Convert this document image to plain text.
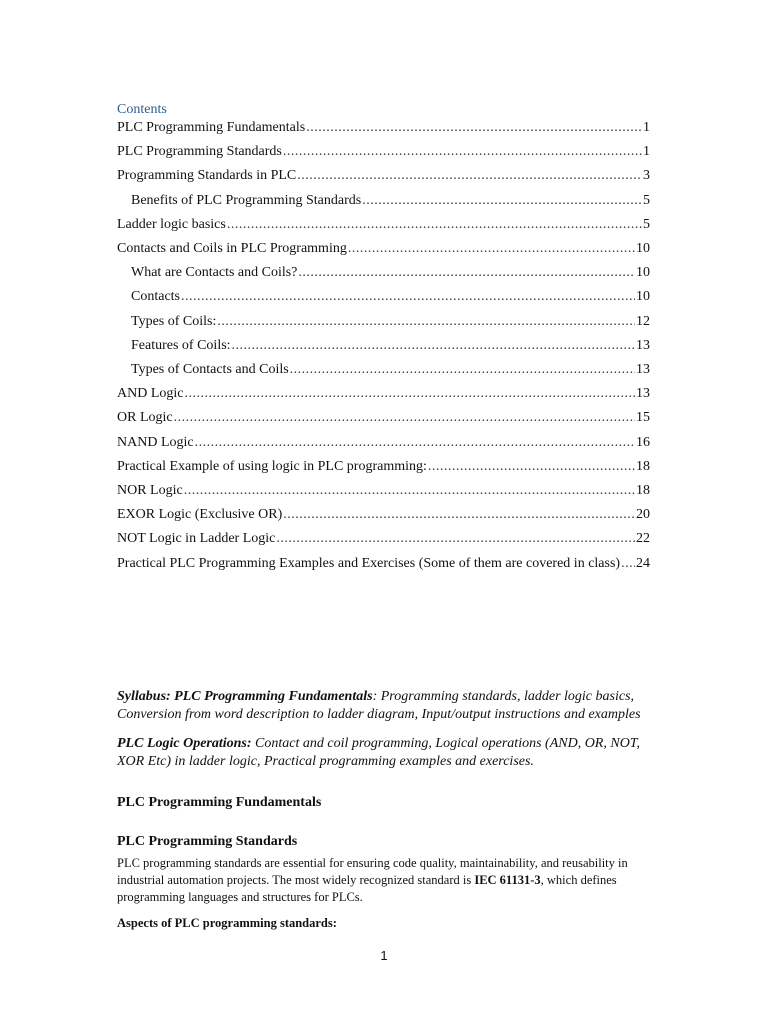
Contents
PLC Programming Fundamentals .....	1
PLC Programming Standards .....	1
Programming Standards in PLC .....	3
Benefits of PLC Programming Standards .....	5
Ladder logic basics .....	5
Contacts and Coils in PLC Programming .....	10
What are Contacts and Coils? .....	10
Contacts .....	10
Types of Coils: .....	12
Features of Coils: .....	13
Types of Contacts and Coils .....	13
AND Logic .....	13
OR Logic .....	15
NAND Logic .....	16
Practical Example of using logic in PLC programming: .....	18
NOR Logic .....	18
EXOR Logic (Exclusive OR) .....	20
NOT Logic in Ladder Logic .....	22
Practical PLC Programming Examples and Exercises (Some of them are covered in class) ..... 24
Syllabus: PLC Programming Fundamentals: Programming standards, ladder logic basics, Conversion from word description to ladder diagram, Input/output instructions and examples
PLC Logic Operations: Contact and coil programming, Logical operations (AND, OR, NOT, XOR Etc) in ladder logic, Practical programming examples and exercises.
PLC Programming Fundamentals
PLC Programming Standards
PLC programming standards are essential for ensuring code quality, maintainability, and reusability in industrial automation projects. The most widely recognized standard is IEC 61131-3, which defines programming languages and structures for PLCs.
Aspects of PLC programming standards:
1
